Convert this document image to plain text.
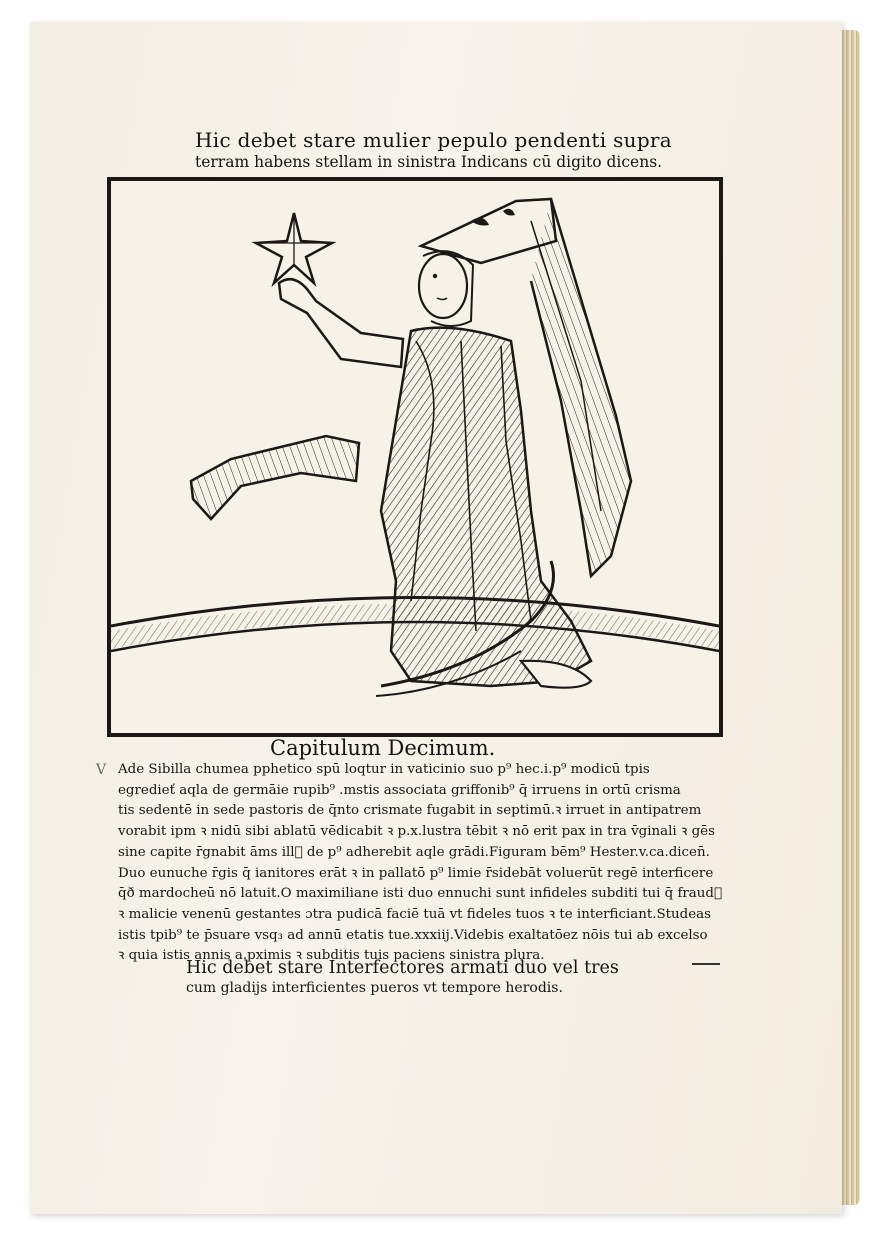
Hic debet stare mulier pepulo pendenti supra
terram habens stellam in sinistra Indicans cū digito dicens.
Capitulum Decimum.
V Ade Sibilla chumea pphetico spū loqtur in vaticinio suo p⁹ hec.i.p⁹ modicū tpis
egredieť aqla de germāie rupib⁹ .mstis associata griffonib⁹ q̄ irruens in ortū crisma
tis sedentē in sede pastoris de q̄nto crismate fugabit in septimū.ꝛ irruet in antipatrem
vorabit ipm ꝛ nidū sibi ablatū vēdicabit ꝛ p.x.lustra tēbit ꝛ nō erit pax in tra v̄ginali ꝛ gēs
sine capite r̄gnabit āms ill᷑ de p⁹ adherebit aqle grādi.Figuram bēm⁹ Hester.v.ca.dicen̄.
Duo eunuche r̄gis q̄ ianitores erāt ꝛ in pallatō p⁹ limie r̄sidebāt voluerūt regē interficere
q̄ð mardocheū nō latuit.O maximiliane isti duo ennuchi sunt infideles subditi tui q̄ fraud᷑
ꝛ malicie venenū gestantes ɔtra pudicā faciē tuā vt fideles tuos ꝛ te interficiant.Studeas
istis tpib⁹ te p̄suare vsq₃ ad annū etatis tue.xxxiij.Videbis exaltatōez nōis tui ab excelso
ꝛ quia istis annis a.pximis ꝛ subditis tuis paciens sinistra plura.
Hic debet stare Interfectores armati duo vel tres
cum gladijs interficientes pueros vt tempore herodis.
